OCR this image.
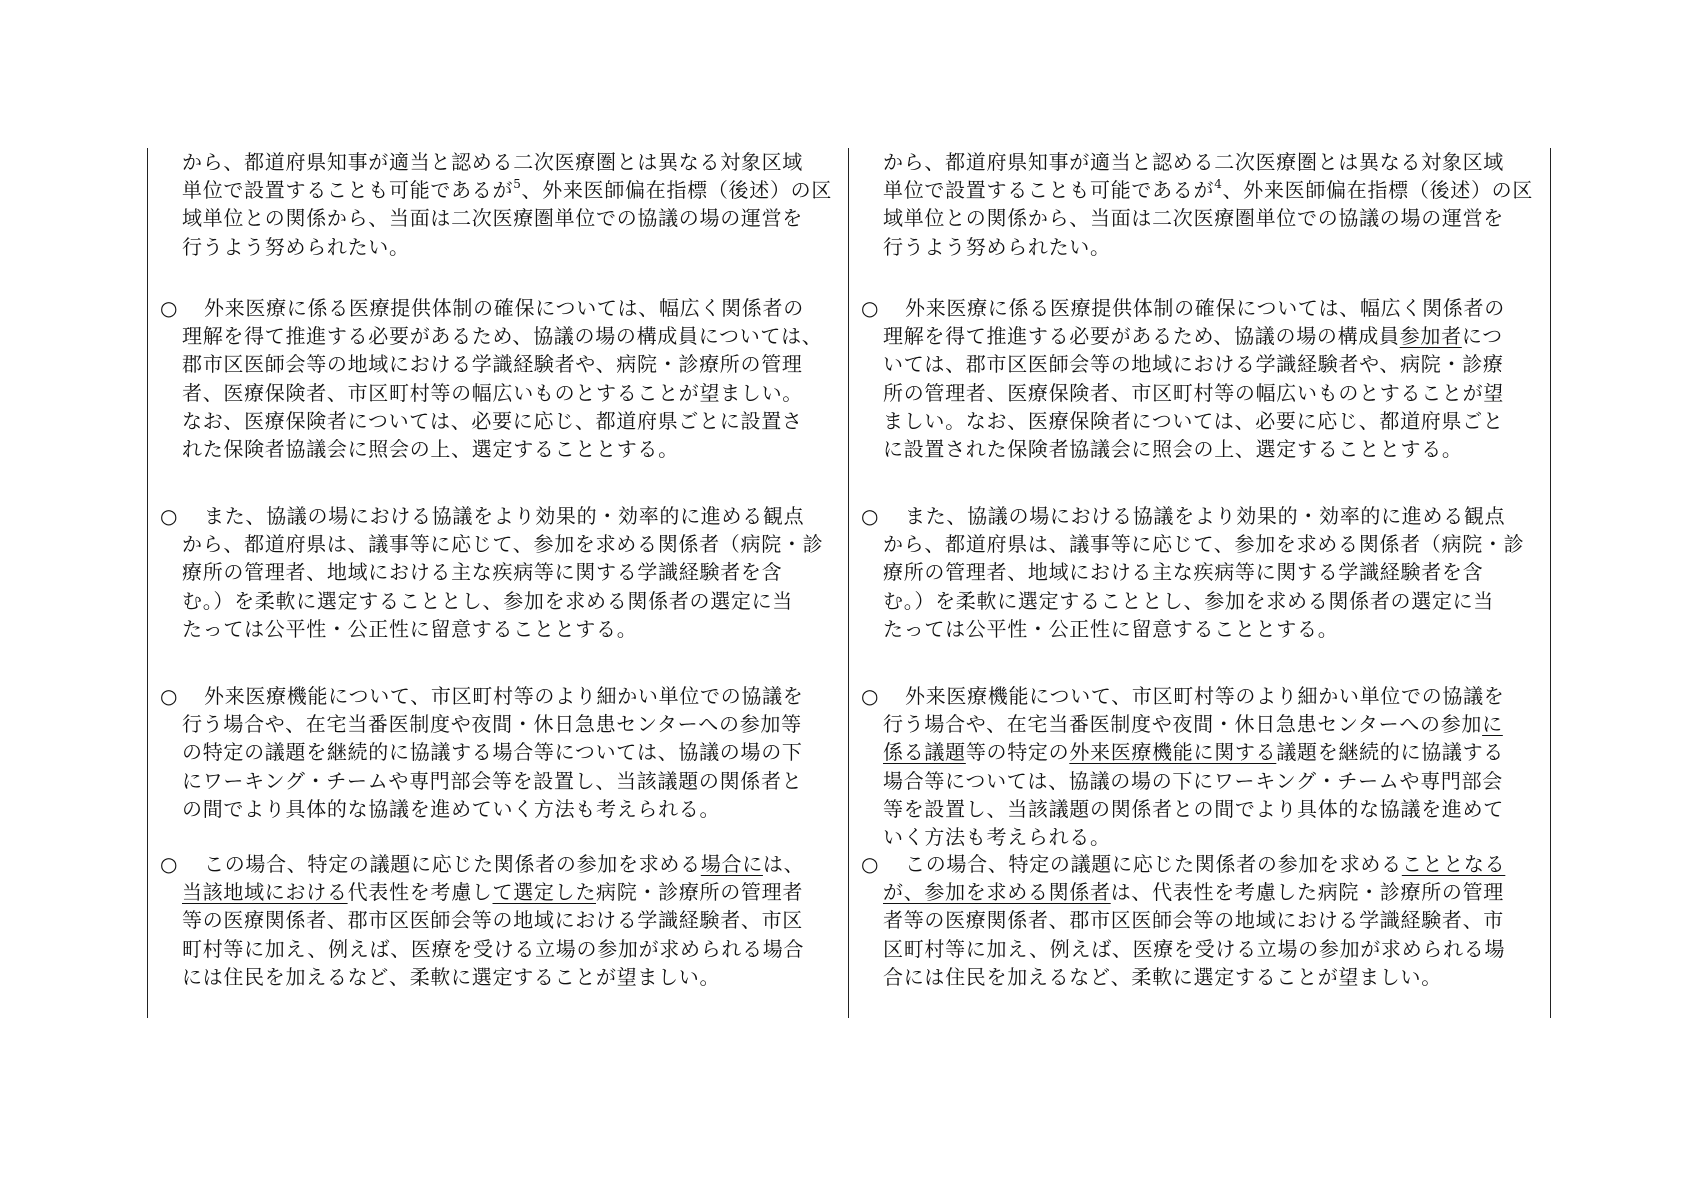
から、都道府県知事が適当と認める二次医療圏とは異なる対象区域
単位で設置することも可能であるが$^5$、外来医師偏在指標（後述）の区
域単位との関係から、当面は二次医療圏単位での協議の場の運営を
行うよう努められたい。
○ 外来医療に係る医療提供体制の確保については、幅広く関係者の
理解を得て推進する必要があるため、協議の場の構成員については、
郡市区医師会等の地域における学識経験者や、病院・診療所の管理
者、医療保険者、市区町村等の幅広いものとすることが望ましい。
なお、医療保険者については、必要に応じ、都道府県ごとに設置さ
れた保険者協議会に照会の上、選定することとする。
○ また、協議の場における協議をより効果的・効率的に進める観点
から、都道府県は、議事等に応じて、参加を求める関係者（病院・診
療所の管理者、地域における主な疾病等に関する学識経験者を含
む。）を柔軟に選定することとし、参加を求める関係者の選定に当
たっては公平性・公正性に留意することとする。
○ 外来医療機能について、市区町村等のより細かい単位での協議を
行う場合や、在宅当番医制度や夜間・休日急患センターへの参加等
の特定の議題を継続的に協議する場合等については、協議の場の下
にワーキング・チームや専門部会等を設置し、当該議題の関係者と
の間でより具体的な協議を進めていく方法も考えられる。
○ この場合、特定の議題に応じた関係者の参加を求める場合には、
当該地域における代表性を考慮して選定した病院・診療所の管理者
等の医療関係者、郡市区医師会等の地域における学識経験者、市区
町村等に加え、例えば、医療を受ける立場の参加が求められる場合
には住民を加えるなど、柔軟に選定することが望ましい。
から、都道府県知事が適当と認める二次医療圏とは異なる対象区域
単位で設置することも可能であるが$^4$、外来医師偏在指標（後述）の区
域単位との関係から、当面は二次医療圏単位での協議の場の運営を
行うよう努められたい。
○ 外来医療に係る医療提供体制の確保については、幅広く関係者の
理解を得て推進する必要があるため、協議の場の構成員参加者につ
いては、郡市区医師会等の地域における学識経験者や、病院・診療
所の管理者、医療保険者、市区町村等の幅広いものとすることが望
ましい。なお、医療保険者については、必要に応じ、都道府県ごと
に設置された保険者協議会に照会の上、選定することとする。
○ また、協議の場における協議をより効果的・効率的に進める観点
から、都道府県は、議事等に応じて、参加を求める関係者（病院・診
療所の管理者、地域における主な疾病等に関する学識経験者を含
む。）を柔軟に選定することとし、参加を求める関係者の選定に当
たっては公平性・公正性に留意することとする。
○ 外来医療機能について、市区町村等のより細かい単位での協議を
行う場合や、在宅当番医制度や夜間・休日急患センターへの参加に
係る議題等の特定の外来医療機能に関する議題を継続的に協議する
場合等については、協議の場の下にワーキング・チームや専門部会
等を設置し、当該議題の関係者との間でより具体的な協議を進めて
いく方法も考えられる。
○ この場合、特定の議題に応じた関係者の参加を求めることとなる
が、参加を求める関係者は、代表性を考慮した病院・診療所の管理
者等の医療関係者、郡市区医師会等の地域における学識経験者、市
区町村等に加え、例えば、医療を受ける立場の参加が求められる場
合には住民を加えるなど、柔軟に選定することが望ましい。
